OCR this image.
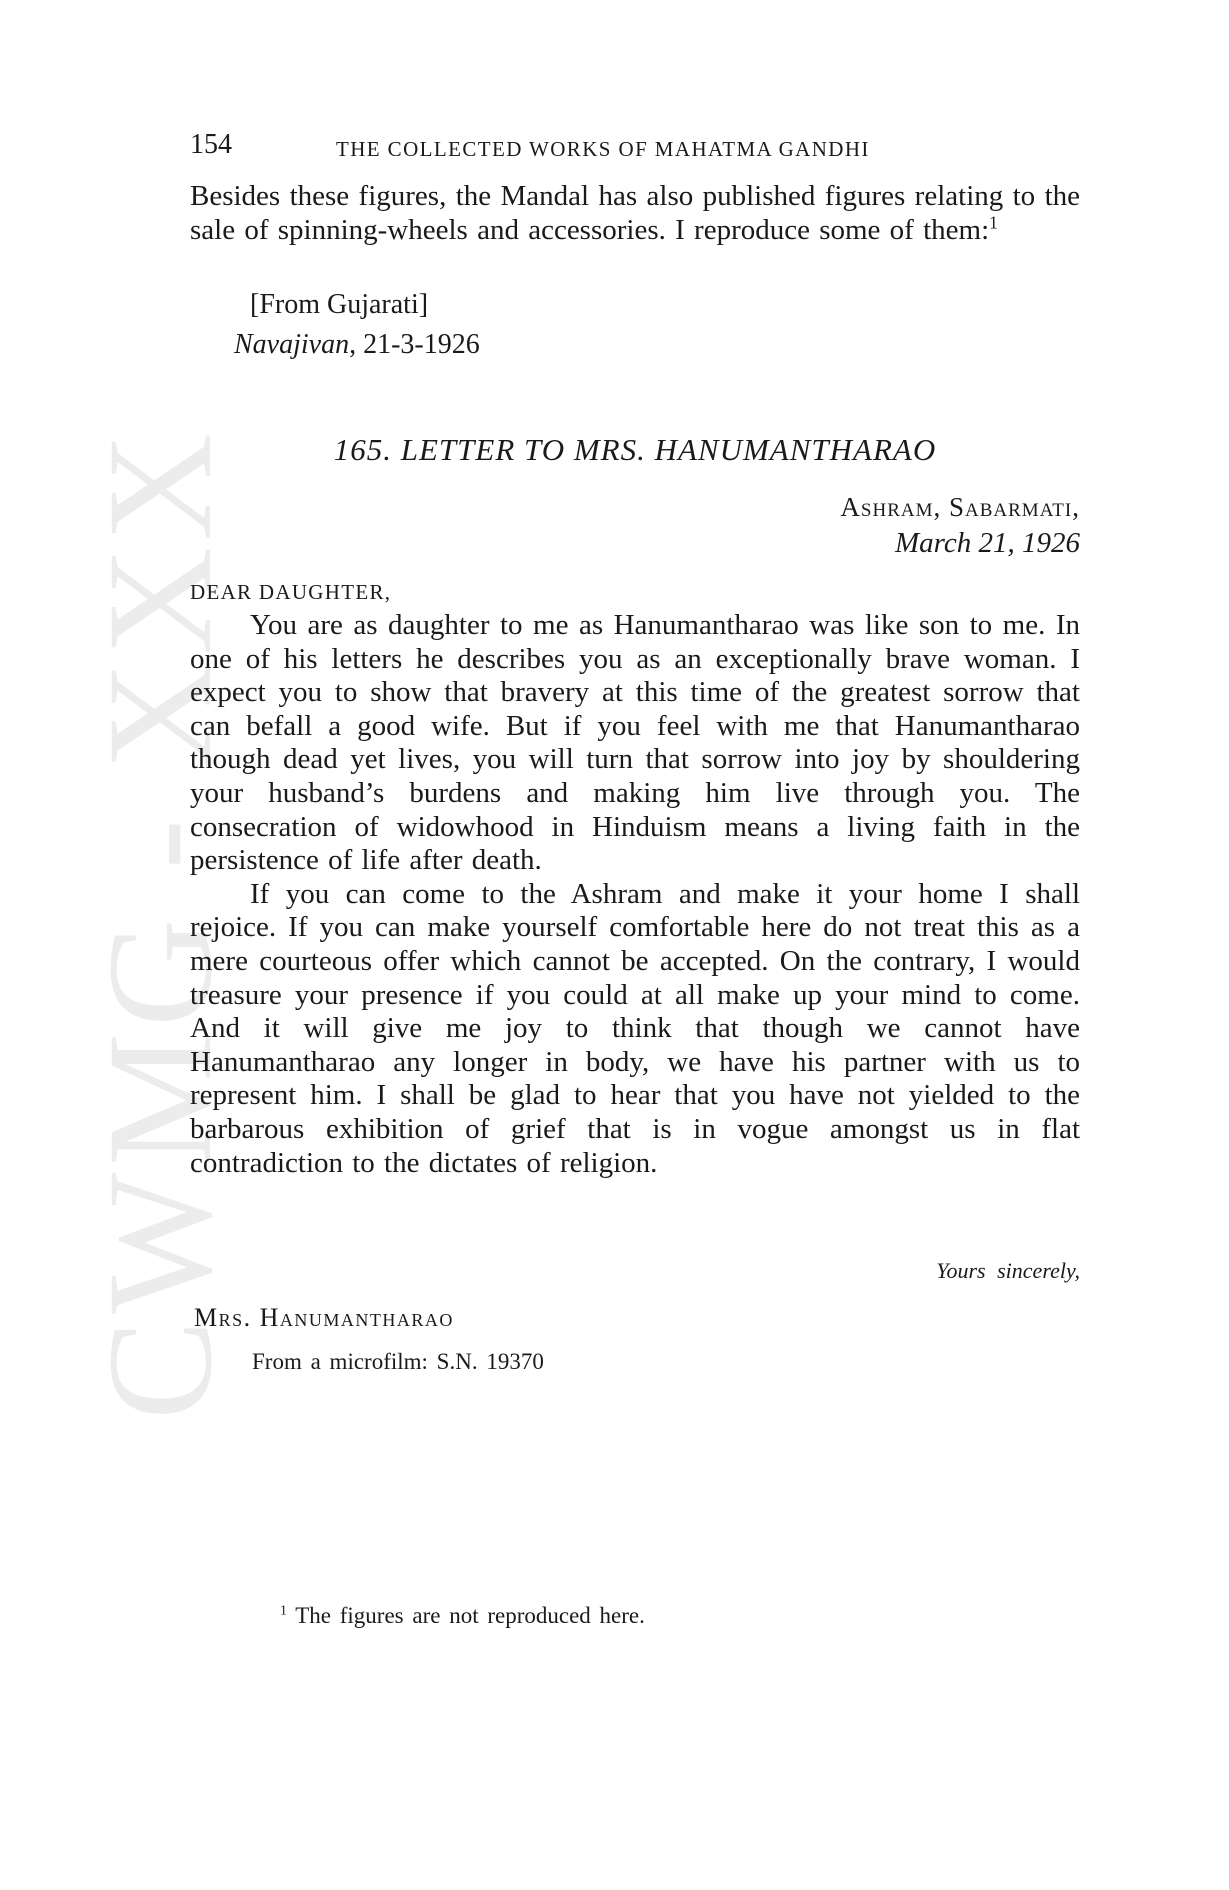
CWMG - XXX
154	THE COLLECTED WORKS OF MAHATMA GANDHI

Besides these figures, the Mandal has also published figures relating to the sale of spinning-wheels and accessories. I reproduce some of them:$^1$

[From Gujarati]
Navajivan, 21-3-1926
165. LETTER TO MRS. HANUMANTHARAO
Ashram, Sabarmati,
March 21, 1926
DEAR DAUGHTER,

You are as daughter to me as Hanumantharao was like son to me. In one of his letters he describes you as an exceptionally brave woman. I expect you to show that bravery at this time of the greatest sorrow that can befall a good wife. But if you feel with me that Hanumantharao though dead yet lives, you will turn that sorrow into joy by shouldering your husband’s burdens and making him live through you. The consecration of widowhood in Hinduism means a living faith in the persistence of life after death.

If you can come to the Ashram and make it your home I shall rejoice. If you can make yourself comfortable here do not treat this as a mere courteous offer which cannot be accepted. On the contrary, I would treasure your presence if you could at all make up your mind to come. And it will give me joy to think that though we cannot have Hanumantharao any longer in body, we have his partner with us to represent him. I shall be glad to hear that you have not yielded to the barbarous exhibition of grief that is in vogue amongst us in flat contradiction to the dictates of religion.

Yours sincerely,
Mrs. Hanumantharao
From a microfilm: S.N. 19370
$^1$ The figures are not reproduced here.
